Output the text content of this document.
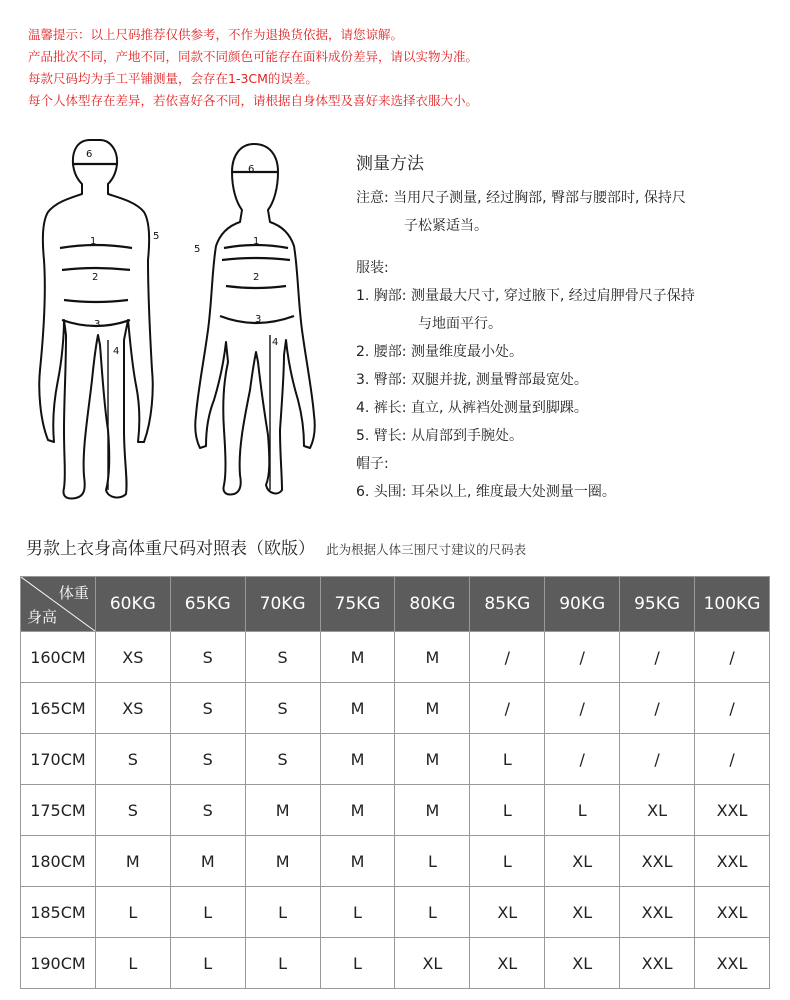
温馨提示：以上尺码推荐仅供参考，不作为退换货依据，请您谅解。
产品批次不同，产地不同，同款不同颜色可能存在面料成份差异，请以实物为准。
每款尺码均为手工平铺测量，会存在1-3CM的误差。
每个人体型存在差异，若依喜好各不同，请根据自身体型及喜好来选择衣服大小。
6
1
2
3
4
5
6
1
2
3
4
5
测量方法
注意: 当用尺子测量, 经过胸部, 臀部与腰部时, 保持尺
子松紧适当。
服装:
1. 胸部: 测量最大尺寸, 穿过腋下, 经过肩胛骨尺子保持
与地面平行。
2. 腰部: 测量维度最小处。
3. 臀部: 双腿并拢, 测量臀部最宽处。
4. 裤长: 直立, 从裤裆处测量到脚踝。
5. 臂长: 从肩部到手腕处。
帽子:
6. 头围: 耳朵以上, 维度最大处测量一圈。
男款上衣身高体重尺码对照表（欧版） 此为根据人体三围尺寸建议的尺码表
体重
身高	60KG	65KG	70KG	75KG	80KG	85KG	90KG	95KG	100KG
160CM	XS	S	S	M	M	/	/	/	/
165CM	XS	S	S	M	M	/	/	/	/
170CM	S	S	S	M	M	L	/	/	/
175CM	S	S	M	M	M	L	L	XL	XXL
180CM	M	M	M	M	L	L	XL	XXL	XXL
185CM	L	L	L	L	L	XL	XL	XXL	XXL
190CM	L	L	L	L	XL	XL	XL	XXL	XXL
